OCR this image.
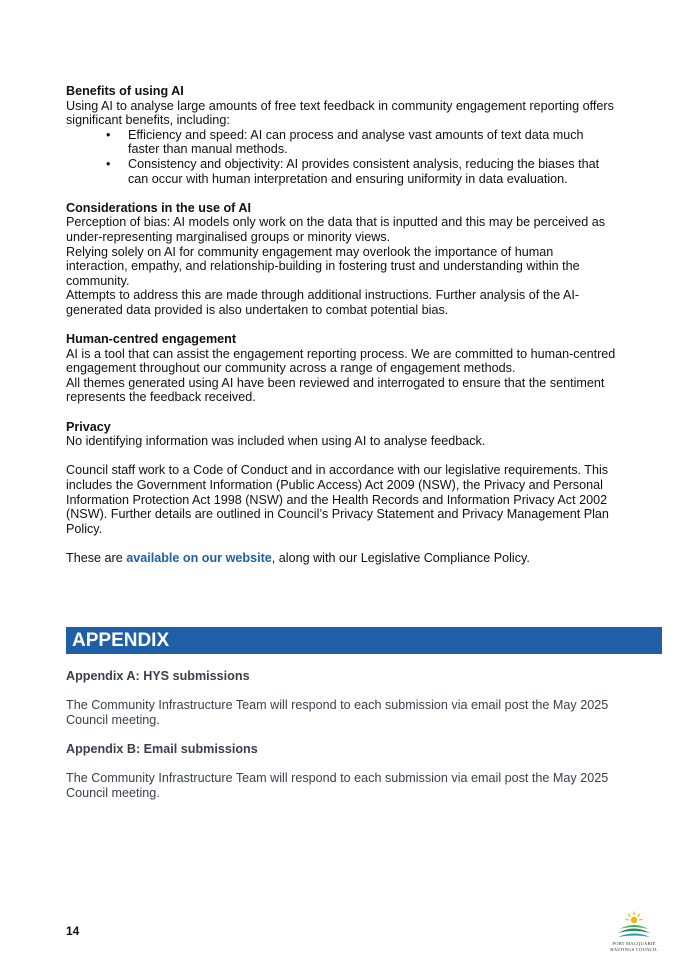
Benefits of using AI

Using AI to analyse large amounts of free text feedback in community engagement reporting offers

significant benefits, including:

• Efficiency and speed: AI can process and analyse vast amounts of text data much
faster than manual methods.
• Consistency and objectivity: AI provides consistent analysis, reducing the biases that
can occur with human interpretation and ensuring uniformity in data evaluation.

Considerations in the use of AI

Perception of bias: AI models only work on the data that is inputted and this may be perceived as

under-representing marginalised groups or minority views.

Relying solely on AI for community engagement may overlook the importance of human

interaction, empathy, and relationship-building in fostering trust and understanding within the

community.

Attempts to address this are made through additional instructions. Further analysis of the AI-

generated data provided is also undertaken to combat potential bias.

Human-centred engagement

AI is a tool that can assist the engagement reporting process. We are committed to human-centred

engagement throughout our community across a range of engagement methods.

All themes generated using AI have been reviewed and interrogated to ensure that the sentiment

represents the feedback received.

Privacy

No identifying information was included when using AI to analyse feedback.

Council staff work to a Code of Conduct and in accordance with our legislative requirements. This

includes the Government Information (Public Access) Act 2009 (NSW), the Privacy and Personal

Information Protection Act 1998 (NSW) and the Health Records and Information Privacy Act 2002

(NSW). Further details are outlined in Council’s Privacy Statement and Privacy Management Plan

Policy.

These are available on our website, along with our Legislative Compliance Policy.

APPENDIX

Appendix A: HYS submissions

The Community Infrastructure Team will respond to each submission via email post the May 2025

Council meeting.

Appendix B: Email submissions

The Community Infrastructure Team will respond to each submission via email post the May 2025

Council meeting.

14
PORT MACQUARIE
HASTINGS COUNCIL
